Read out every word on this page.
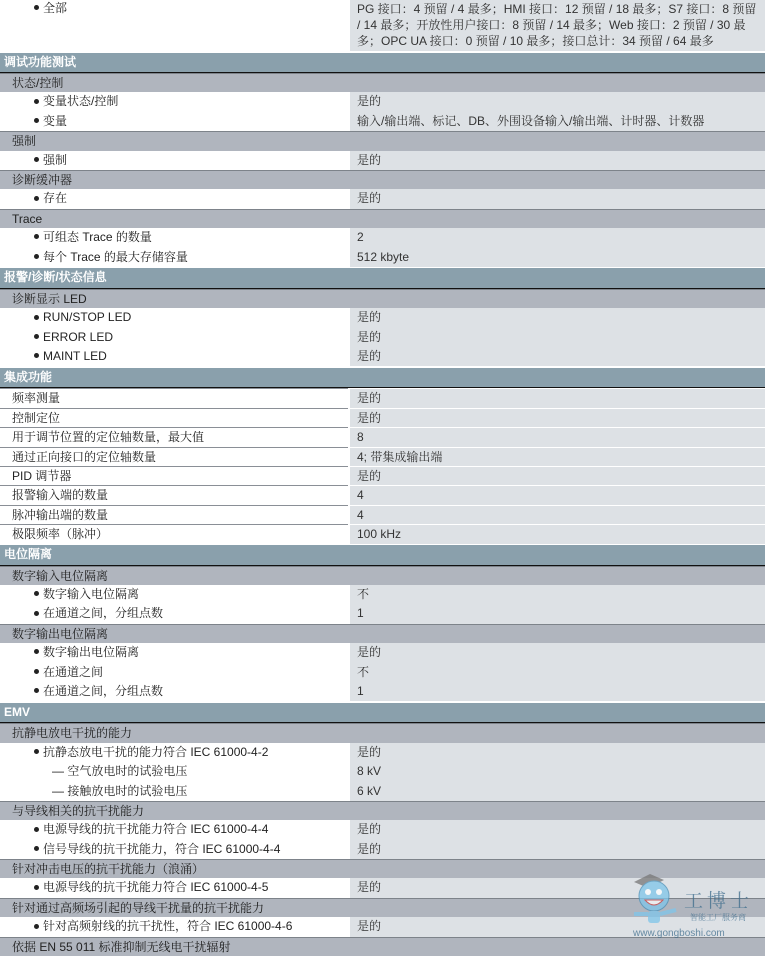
全部	PG 接口：4 预留 / 4 最多；HMI 接口：12 预留 / 18 最多；S7 接口：8 预留 / 14 最多；开放性用户接口：8 预留 / 14 最多；Web 接口：2 预留 / 30 最多；OPC UA 接口：0 预留 / 10 最多；接口总计：34 预留 / 64 最多
调试功能测试
状态/控制
变量状态/控制	是的
变量	输入/输出端、标记、DB、外围设备输入/输出端、计时器、计数器
强制
强制	是的
诊断缓冲器
存在	是的
Trace
可组态 Trace 的数量	2
每个 Trace 的最大存储容量	512 kbyte
报警/诊断/状态信息
诊断显示 LED
RUN/STOP LED	是的
ERROR LED	是的
MAINT LED	是的
集成功能
频率测量	是的
控制定位	是的
用于调节位置的定位轴数量，最大值	8
通过正向接口的定位轴数量	4; 带集成输出端
PID 调节器	是的
报警输入端的数量	4
脉冲输出端的数量	4
极限频率（脉冲）	100 kHz
电位隔离
数字输入电位隔离
数字输入电位隔离	不
在通道之间，分组点数	1
数字输出电位隔离
数字输出电位隔离	是的
在通道之间	不
在通道之间，分组点数	1
EMV
抗静电放电干扰的能力
抗静态放电干扰的能力符合 IEC 61000-4-2	是的
— 空气放电时的试验电压	8 kV
— 接触放电时的试验电压	6 kV
与导线相关的抗干扰能力
电源导线的抗干扰能力符合 IEC 61000-4-4	是的
信号导线的抗干扰能力，符合 IEC 61000-4-4	是的
针对冲击电压的抗干扰能力（浪涌）
电源导线的抗干扰能力符合 IEC 61000-4-5	是的
针对通过高频场引起的导线干扰量的抗干扰能力
针对高频射线的抗干扰性，符合 IEC 61000-4-6	是的
依据 EN 55 011 标准抑制无线电干扰辐射
工博士
智能工厂服务商
www.gongboshi.com
